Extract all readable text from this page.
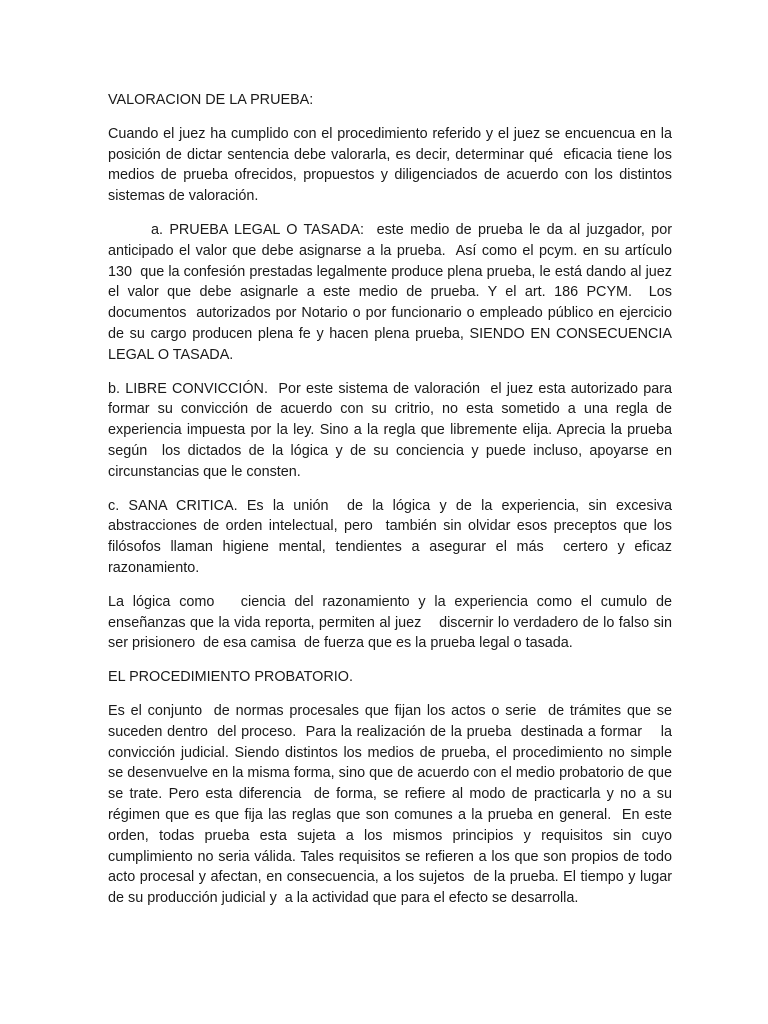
VALORACION DE LA PRUEBA:

Cuando el juez ha cumplido con el procedimiento referido y el juez se encuencua en la posición de dictar sentencia debe valorarla, es decir, determinar qué  eficacia tiene los medios de prueba ofrecidos, propuestos y diligenciados de acuerdo con los distintos sistemas de valoración.

a. PRUEBA LEGAL O TASADA:  este medio de prueba le da al juzgador, por anticipado el valor que debe asignarse a la prueba.  Así como el pcym. en su artículo 130  que la confesión prestadas legalmente produce plena prueba, le está dando al juez el valor que debe asignarle a este medio de prueba. Y el art. 186 PCYM.  Los documentos  autorizados por Notario o por funcionario o empleado público en ejercicio de su cargo producen plena fe y hacen plena prueba, SIENDO EN CONSECUENCIA LEGAL O TASADA.

b. LIBRE CONVICCIÓN.  Por este sistema de valoración  el juez esta autorizado para formar su convicción de acuerdo con su critrio, no esta sometido a una regla de experiencia impuesta por la ley. Sino a la regla que libremente elija. Aprecia la prueba según  los dictados de la lógica y de su conciencia y puede incluso, apoyarse en circunstancias que le consten.

c. SANA CRITICA. Es la unión  de la lógica y de la experiencia, sin excesiva abstracciones de orden intelectual, pero  también sin olvidar esos preceptos que los filósofos llaman higiene mental, tendientes a asegurar el más  certero y eficaz razonamiento.

La lógica como   ciencia del razonamiento y la experiencia como el cumulo de enseñanzas que la vida reporta, permiten al juez    discernir lo verdadero de lo falso sin ser prisionero  de esa camisa  de fuerza que es la prueba legal o tasada.

EL PROCEDIMIENTO PROBATORIO.

Es el conjunto  de normas procesales que fijan los actos o serie  de trámites que se suceden dentro  del proceso.  Para la realización de la prueba  destinada a formar    la convicción judicial. Siendo distintos los medios de prueba, el procedimiento no simple se desenvuelve en la misma forma, sino que de acuerdo con el medio probatorio de que se trate. Pero esta diferencia  de forma, se refiere al modo de practicarla y no a su régimen que es que fija las reglas que son comunes a la prueba en general.  En este orden, todas prueba esta sujeta a los mismos principios y requisitos sin cuyo cumplimiento no seria válida. Tales requisitos se refieren a los que son propios de todo acto procesal y afectan, en consecuencia, a los sujetos  de la prueba. El tiempo y lugar de su producción judicial y  a la actividad que para el efecto se desarrolla.
